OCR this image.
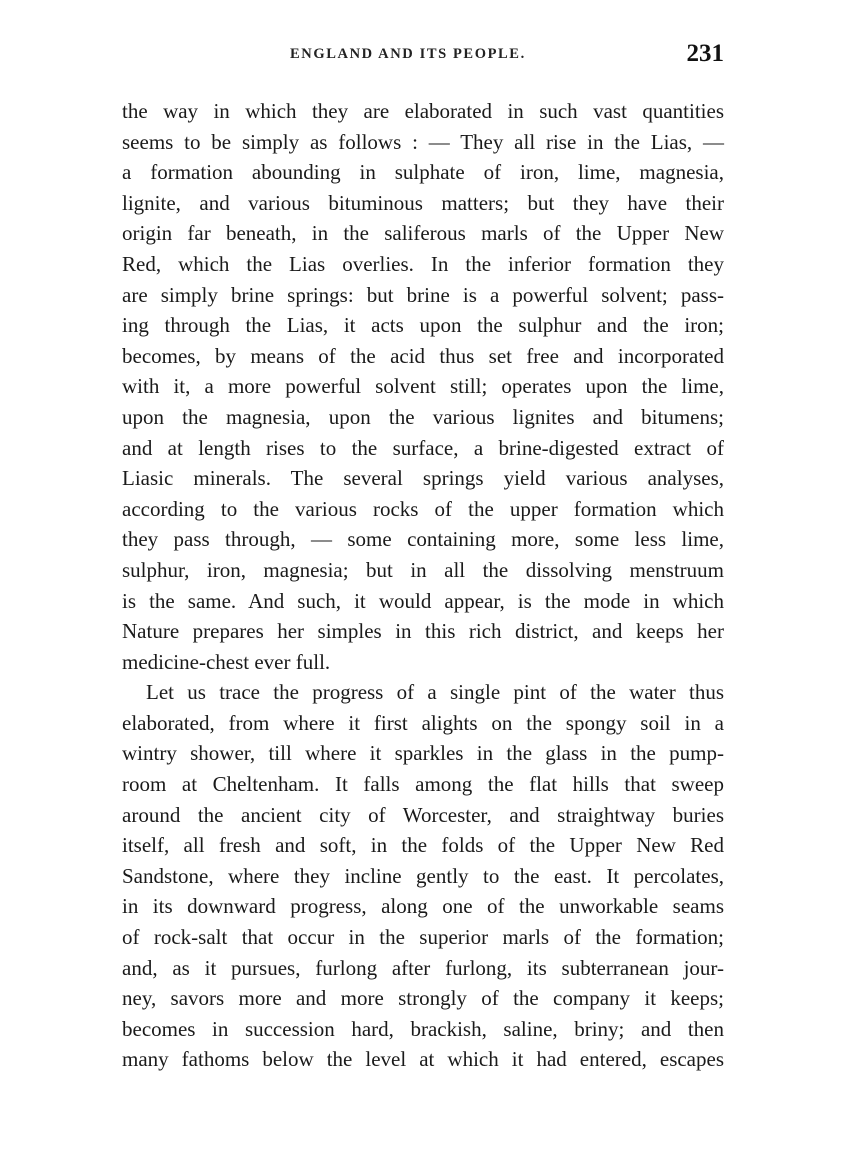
ENGLAND AND ITS PEOPLE.	231
the way in which they are elaborated in such vast quantities
seems to be simply as follows : — They all rise in the Lias, —
a formation abounding in sulphate of iron, lime, magnesia,
lignite, and various bituminous matters; but they have their
origin far beneath, in the saliferous marls of the Upper New
Red, which the Lias overlies. In the inferior formation they
are simply brine springs: but brine is a powerful solvent; pass-
ing through the Lias, it acts upon the sulphur and the iron;
becomes, by means of the acid thus set free and incorporated
with it, a more powerful solvent still; operates upon the lime,
upon the magnesia, upon the various lignites and bitumens;
and at length rises to the surface, a brine-digested extract of
Liasic minerals. The several springs yield various analyses,
according to the various rocks of the upper formation which
they pass through, — some containing more, some less lime,
sulphur, iron, magnesia; but in all the dissolving menstruum
is the same. And such, it would appear, is the mode in which
Nature prepares her simples in this rich district, and keeps her
medicine-chest ever full.
Let us trace the progress of a single pint of the water thus
elaborated, from where it first alights on the spongy soil in a
wintry shower, till where it sparkles in the glass in the pump-
room at Cheltenham. It falls among the flat hills that sweep
around the ancient city of Worcester, and straightway buries
itself, all fresh and soft, in the folds of the Upper New Red
Sandstone, where they incline gently to the east. It percolates,
in its downward progress, along one of the unworkable seams
of rock-salt that occur in the superior marls of the formation;
and, as it pursues, furlong after furlong, its subterranean jour-
ney, savors more and more strongly of the company it keeps;
becomes in succession hard, brackish, saline, briny; and then
many fathoms below the level at which it had entered, escapes
